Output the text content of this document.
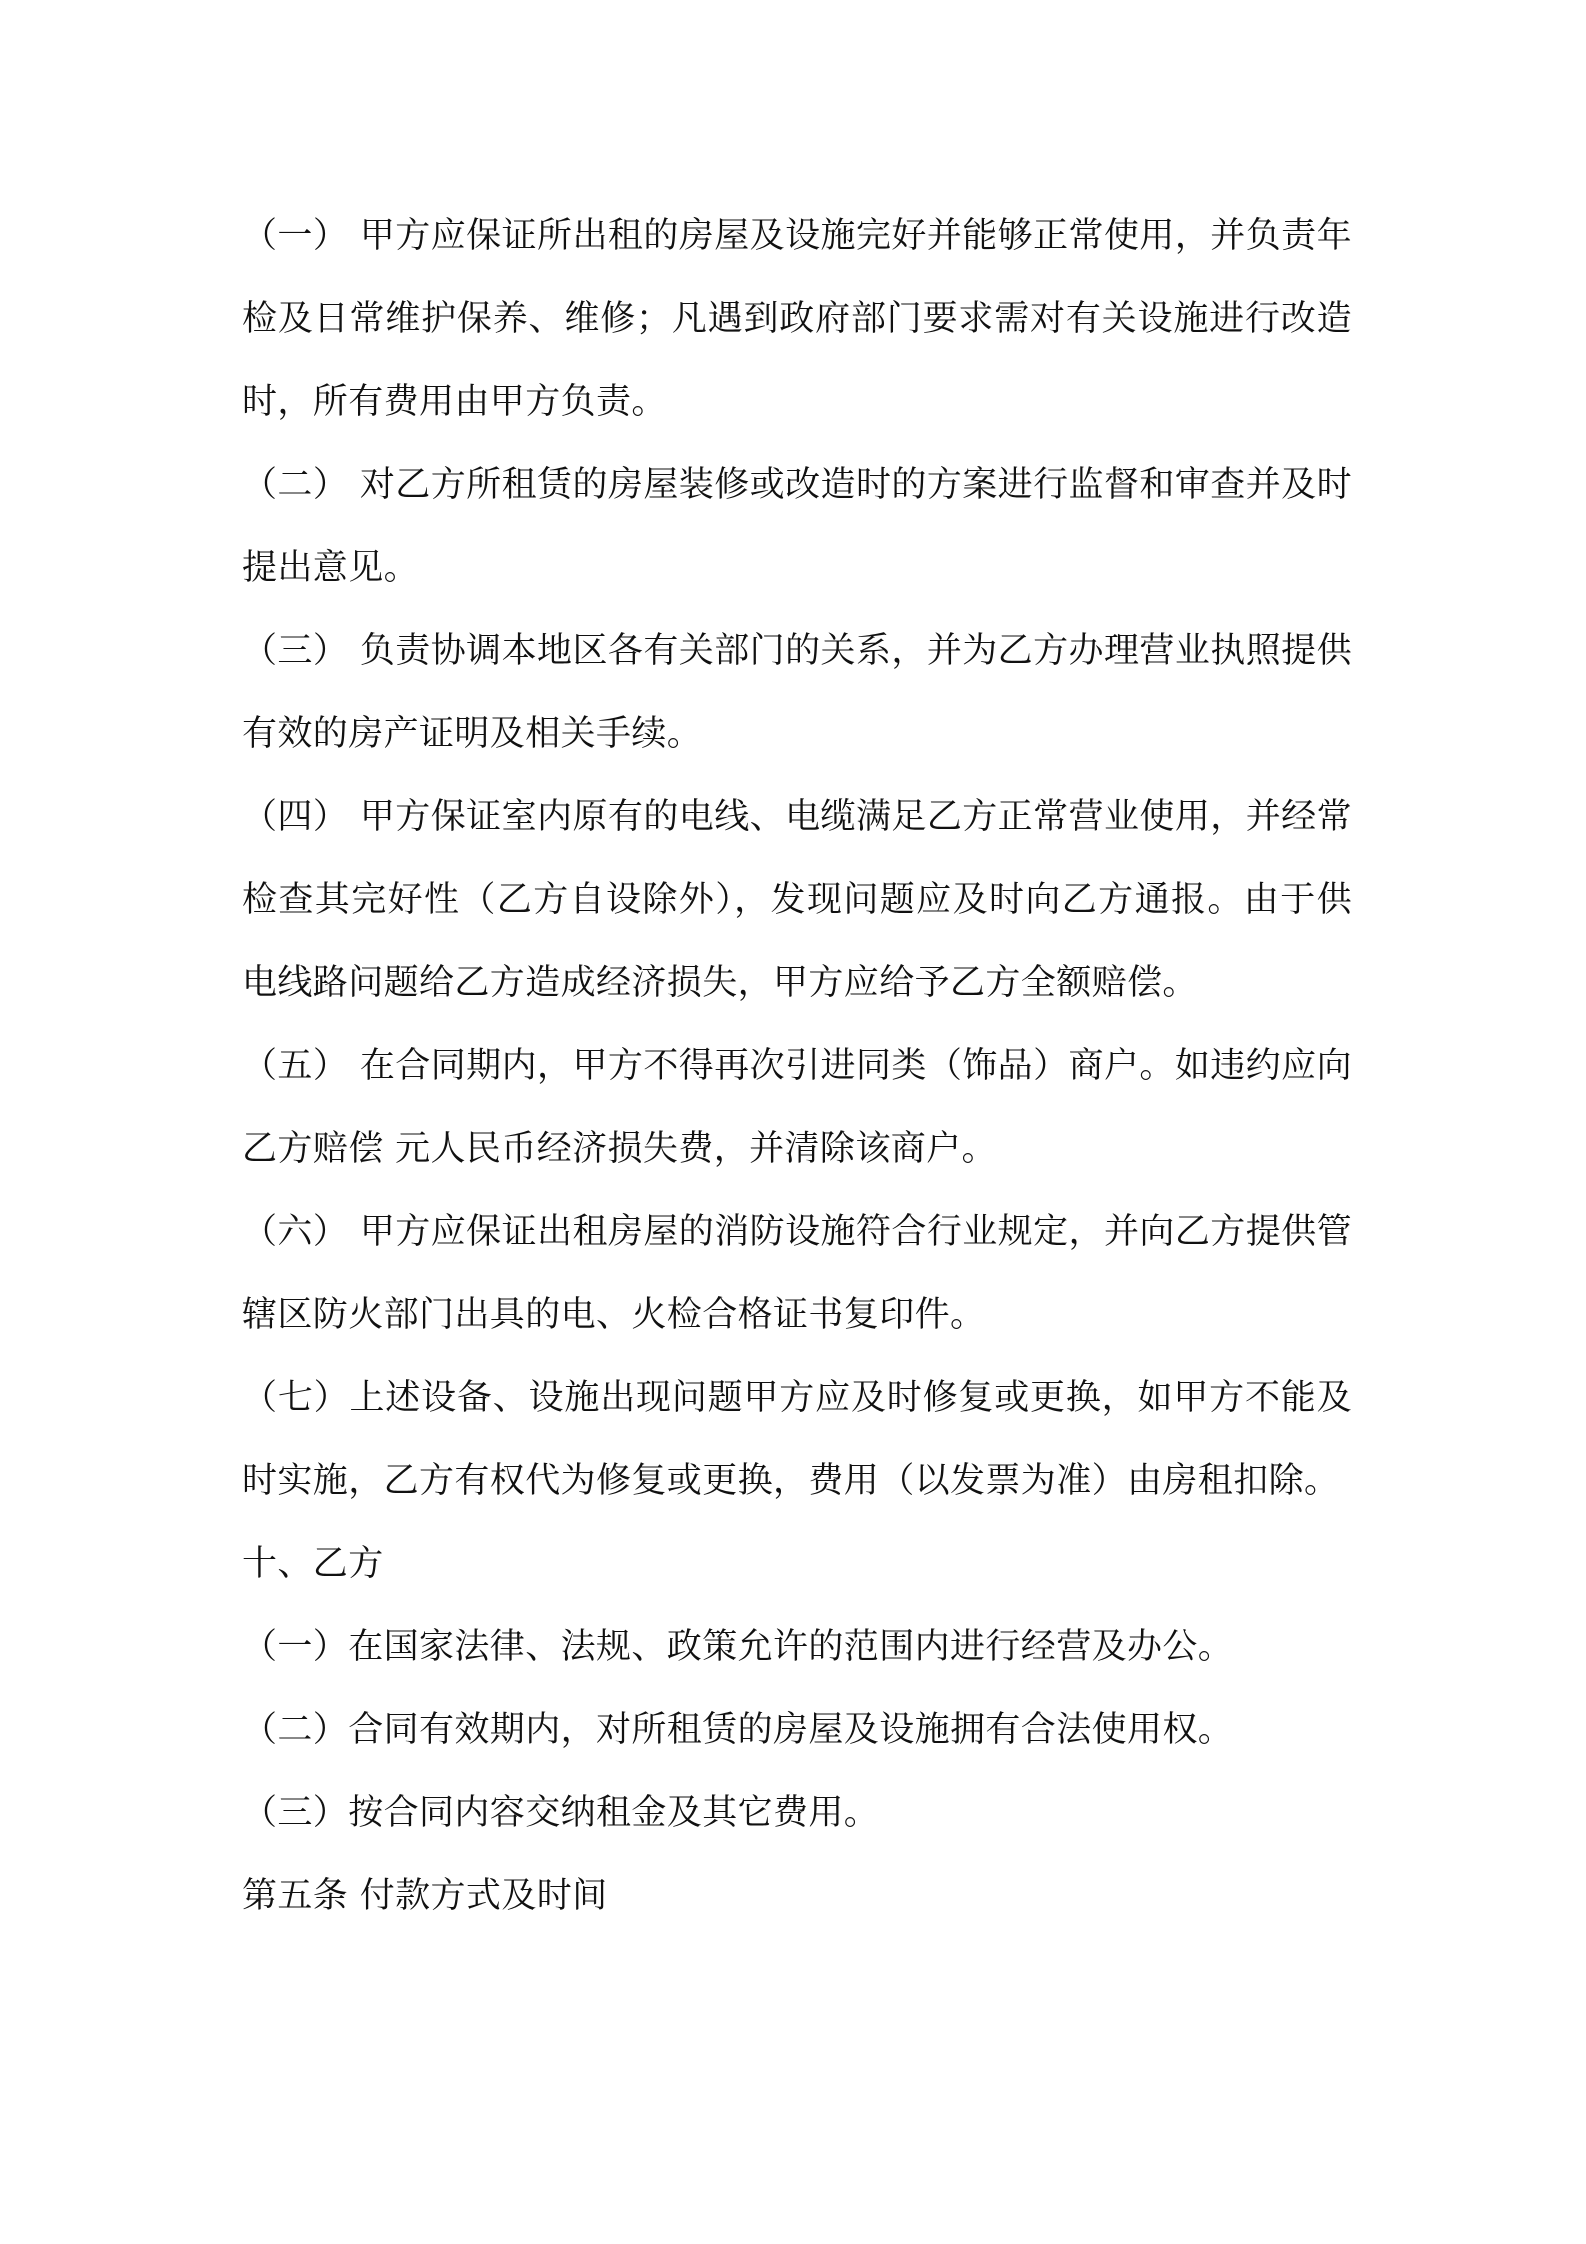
（一） 甲方应保证所出租的房屋及设施完好并能够正常使用，并负责年检及日常维护保养、维修；凡遇到政府部门要求需对有关设施进行改造时，所有费用由甲方负责。

（二） 对乙方所租赁的房屋装修或改造时的方案进行监督和审查并及时提出意见。

（三） 负责协调本地区各有关部门的关系，并为乙方办理营业执照提供有效的房产证明及相关手续。

（四） 甲方保证室内原有的电线、电缆满足乙方正常营业使用，并经常检查其完好性（乙方自设除外），发现问题应及时向乙方通报。由于供电线路问题给乙方造成经济损失，甲方应给予乙方全额赔偿。

（五） 在合同期内，甲方不得再次引进同类（饰品）商户。如违约应向乙方赔偿 元人民币经济损失费，并清除该商户。

（六） 甲方应保证出租房屋的消防设施符合行业规定，并向乙方提供管辖区防火部门出具的电、火检合格证书复印件。

（七）上述设备、设施出现问题甲方应及时修复或更换，如甲方不能及时实施，乙方有权代为修复或更换，费用（以发票为准）由房租扣除。

十、乙方

（一）在国家法律、法规、政策允许的范围内进行经营及办公。

（二）合同有效期内，对所租赁的房屋及设施拥有合法使用权。

（三）按合同内容交纳租金及其它费用。

第五条 付款方式及时间
